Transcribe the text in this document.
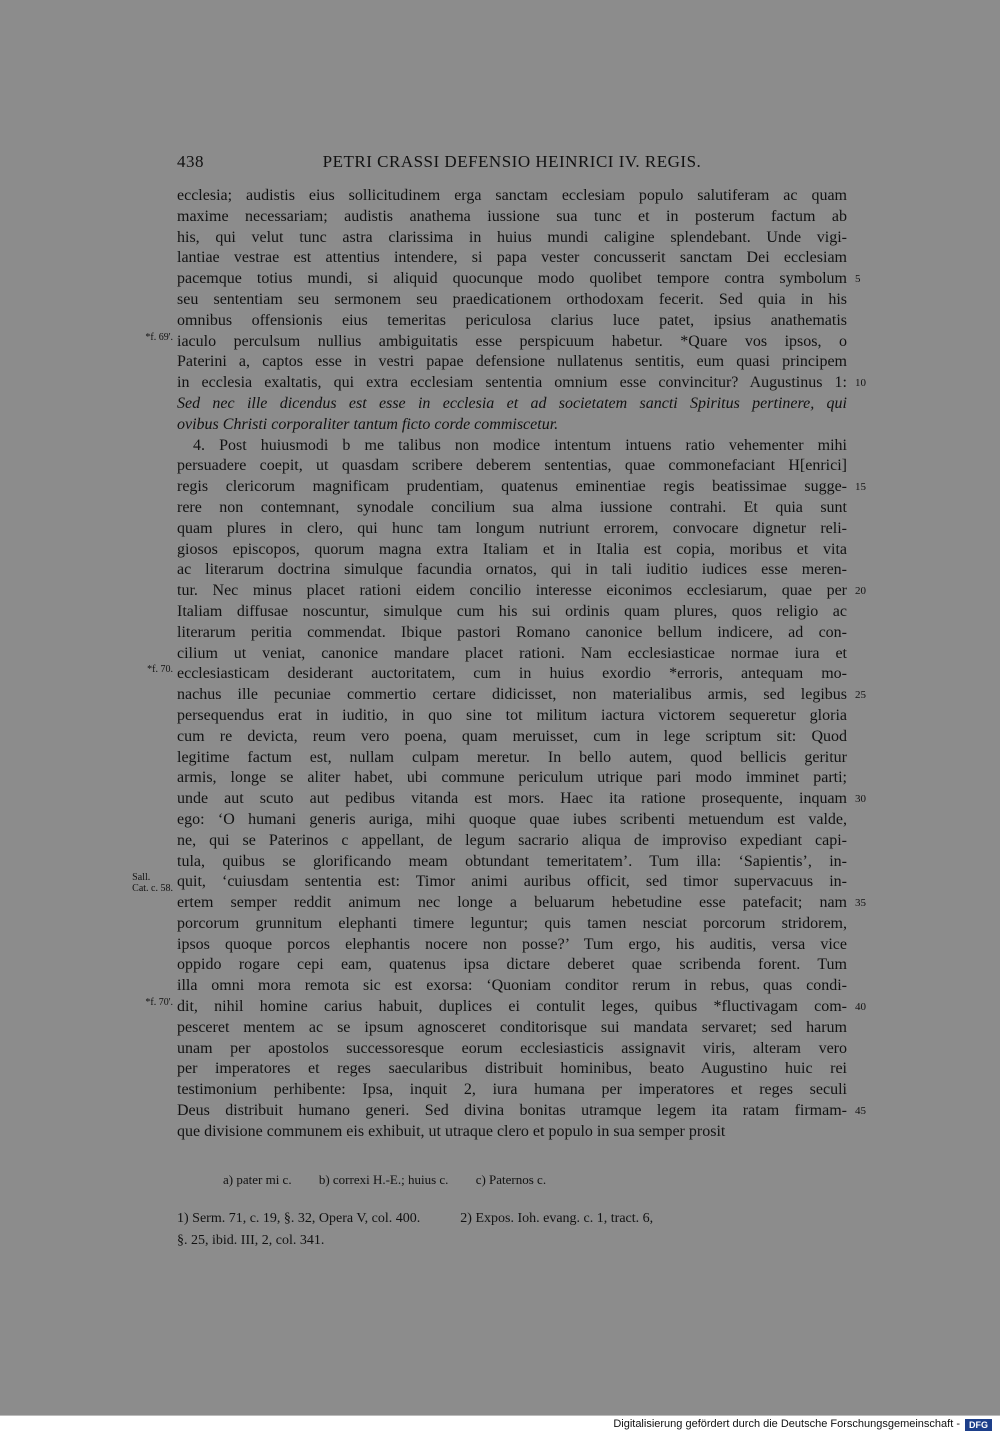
438	PETRI CRASSI DEFENSIO HEINRICI IV. REGIS.
ecclesia; audistis eius sollicitudinem erga sanctam ecclesiam populo salutiferam ac quam
maxime necessariam; audistis anathema iussione sua tunc et in posterum factum ab
his, qui velut tunc astra clarissima in huius mundi caligine splendebant. Unde vigi-
lantiae vestrae est attentius intendere, si papa vester concusserit sanctam Dei ecclesiam
pacemque totius mundi, si aliquid quocunque modo quolibet tempore contra symbolum 5
seu sententiam seu sermonem seu praedicationem orthodoxam fecerit. Sed quia in his
omnibus offensionis eius temeritas periculosa clarius luce patet, ipsius anathematis
iaculo perculsum nullius ambiguitatis esse perspicuum habetur. *Quare vos ipsos, o
*f. 69'.
Paterini a, captos esse in vestri papae defensione nullatenus sentitis, eum quasi principem
in ecclesia exaltatis, qui extra ecclesiam sententia omnium esse convincitur? Augustinus 1: 10
Sed nec ille dicendus est esse in ecclesia et ad societatem sancti Spiritus pertinere, qui
ovibus Christi corporaliter tantum ficto corde commiscetur.
4. Post huiusmodi b me talibus non modice intentum intuens ratio vehementer mihi
persuadere coepit, ut quasdam scribere deberem sententias, quae commonefaciant H[enrici]
regis clericorum magnificam prudentiam, quatenus eminentiae regis beatissimae sugge- 15
rere non contemnant, synodale concilium sua alma iussione contrahi. Et quia sunt
quam plures in clero, qui hunc tam longum nutriunt errorem, convocare dignetur reli-
giosos episcopos, quorum magna extra Italiam et in Italia est copia, moribus et vita
ac literarum doctrina simulque facundia ornatos, qui in tali iuditio iudices esse meren-
tur. Nec minus placet rationi eidem concilio interesse eiconimos ecclesiarum, quae per 20
Italiam diffusae noscuntur, simulque cum his sui ordinis quam plures, quos religio ac
literarum peritia commendat. Ibique pastori Romano canonice bellum indicere, ad con-
cilium ut veniat, canonice mandare placet rationi. Nam ecclesiasticae normae iura et
ecclesiasticam desiderant auctoritatem, cum in huius exordio *erroris, antequam mo-
*f. 70.
nachus ille pecuniae commertio certare didicisset, non materialibus armis, sed legibus 25
persequendus erat in iuditio, in quo sine tot militum iactura victorem sequeretur gloria
cum re devicta, reum vero poena, quam meruisset, cum in lege scriptum sit: Quod
legitime factum est, nullam culpam meretur. In bello autem, quod bellicis geritur
armis, longe se aliter habet, ubi commune periculum utrique pari modo imminet parti;
unde aut scuto aut pedibus vitanda est mors. Haec ita ratione prosequente, inquam 30
ego: ‘O humani generis auriga, mihi quoque quae iubes scribenti metuendum est valde,
ne, qui se Paterinos c appellant, de legum sacrario aliqua de improviso expediant capi-
tula, quibus se glorificando meam obtundant temeritatem’. Tum illa: ‘Sapientis’, in-
quit, ‘cuiusdam sententia est: Timor animi auribus officit, sed timor supervacuus in-
Sall.
Cat. c. 58.
ertem semper reddit animum nec longe a beluarum hebetudine esse patefacit; nam 35
porcorum grunnitum elephanti timere leguntur; quis tamen nesciat porcorum stridorem,
ipsos quoque porcos elephantis nocere non posse?’ Tum ergo, his auditis, versa vice
oppido rogare cepi eam, quatenus ipsa dictare deberet quae scribenda forent. Tum
illa omni mora remota sic est exorsa: ‘Quoniam conditor rerum in rebus, quas condi-
dit, nihil homine carius habuit, duplices ei contulit leges, quibus *fluctivagam com- 40
*f. 70'.
pesceret mentem ac se ipsum agnosceret conditorisque sui mandata servaret; sed harum
unam per apostolos successoresque eorum ecclesiasticis assignavit viris, alteram vero
per imperatores et reges saecularibus distribuit hominibus, beato Augustino huic rei
testimonium perhibente: Ipsa, inquit 2, iura humana per imperatores et reges seculi
Deus distribuit humano generi. Sed divina bonitas utramque legem ita ratam firmam- 45
que divisione communem eis exhibuit, ut utraque clero et populo in sua semper prosit
a) pater mi c. b) correxi H.-E.; huius c. c) Paternos c.
1) Serm. 71, c. 19, §. 32, Opera V, col. 400.	2) Expos. Ioh. evang. c. 1, tract. 6,
§. 25, ibid. III, 2, col. 341.
Digitalisierung gefördert durch die Deutsche Forschungsgemeinschaft -	DFG
